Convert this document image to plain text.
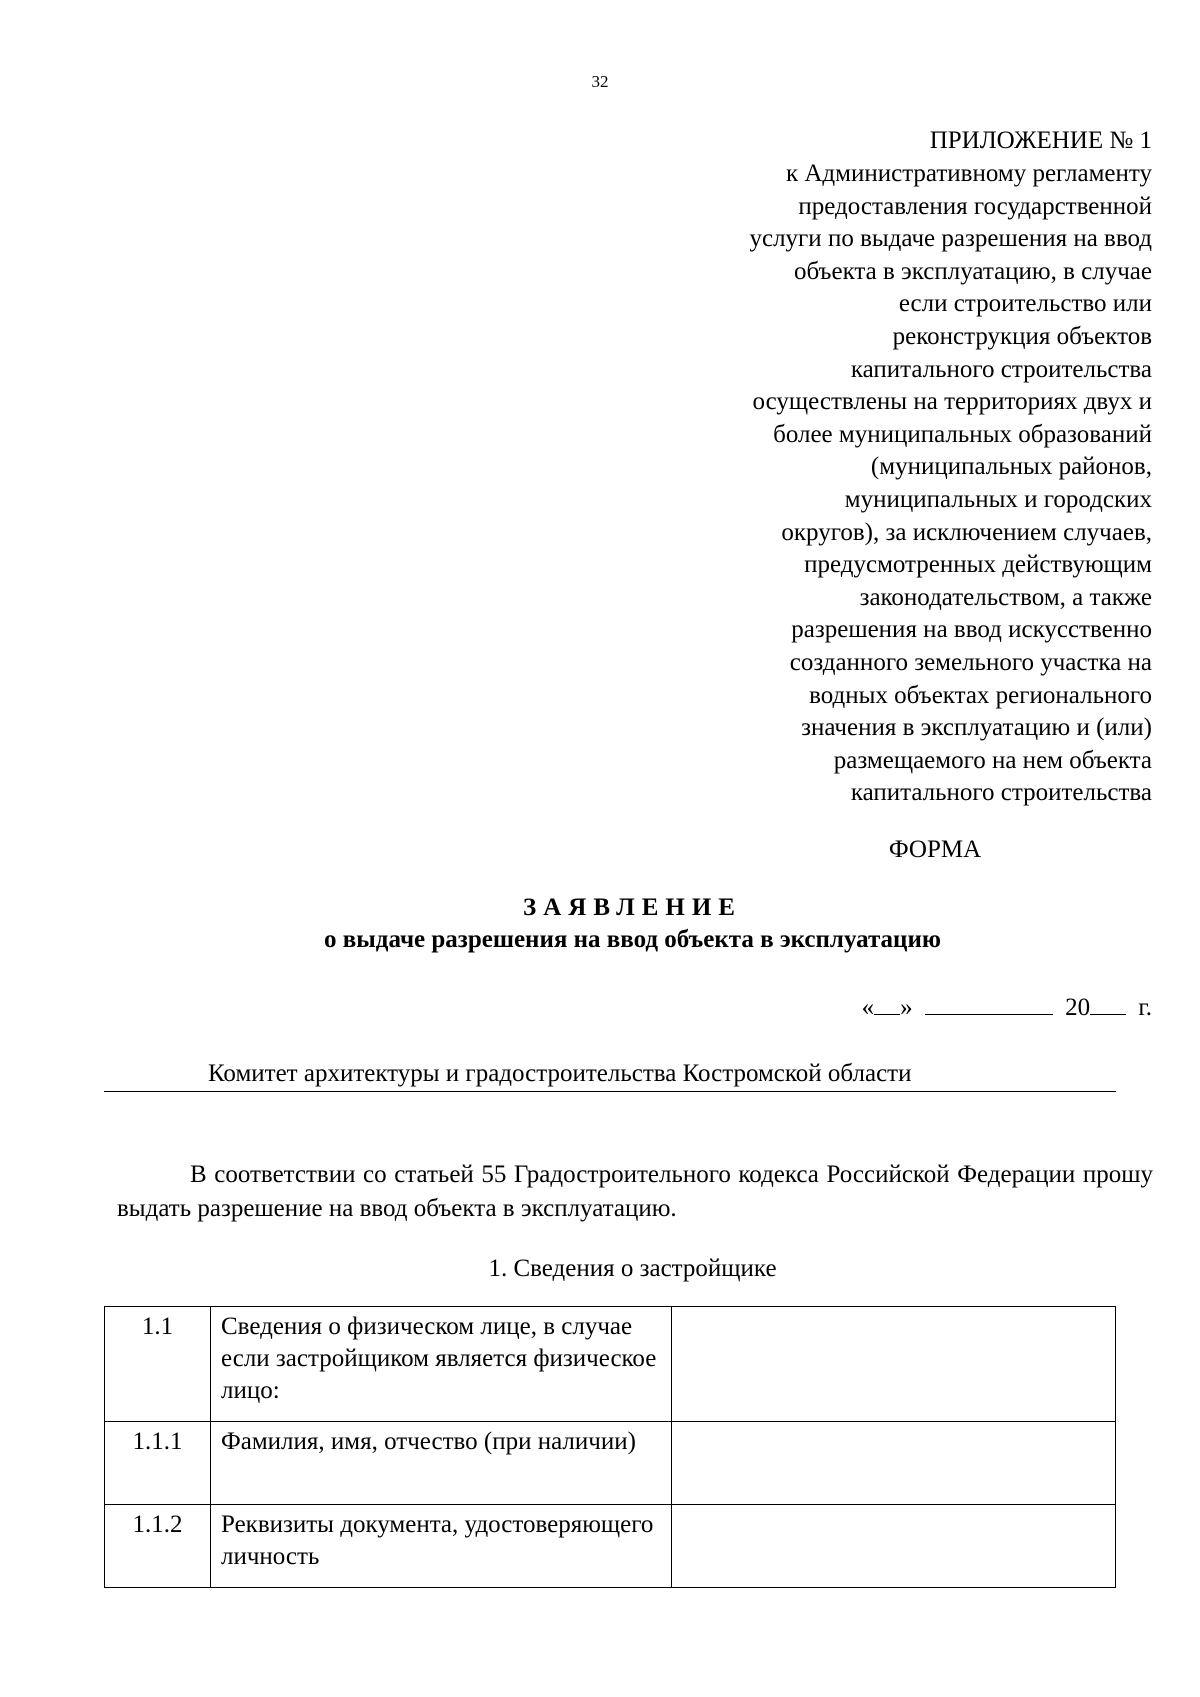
32
ПРИЛОЖЕНИЕ № 1
к Административному регламенту
предоставления государственной
услуги по выдаче разрешения на ввод
объекта в эксплуатацию, в случае
если строительство или
реконструкция объектов
капитального строительства
осуществлены на территориях двух и
более муниципальных образований
(муниципальных районов,
муниципальных и городских
округов), за исключением случаев,
предусмотренных действующим
законодательством, а также
разрешения на ввод искусственно
созданного земельного участка на
водных объектах регионального
значения в эксплуатацию и (или)
размещаемого на нем объекта
капитального строительства
ФОРМА
ЗАЯВЛЕНИЕ
о выдаче разрешения на ввод объекта в эксплуатацию
« »	20 г.
Комитет архитектуры и градостроительства Костромской области
В соответствии со статьей 55 Градостроительного кодекса Российской Федерации прошу выдать разрешение на ввод объекта в эксплуатацию.
1. Сведения о застройщике
1.1	Сведения о физическом лице, в случае если застройщиком является физическое лицо:	
1.1.1	Фамилия, имя, отчество (при наличии)	
1.1.2	Реквизиты документа, удостоверяющего личность	
